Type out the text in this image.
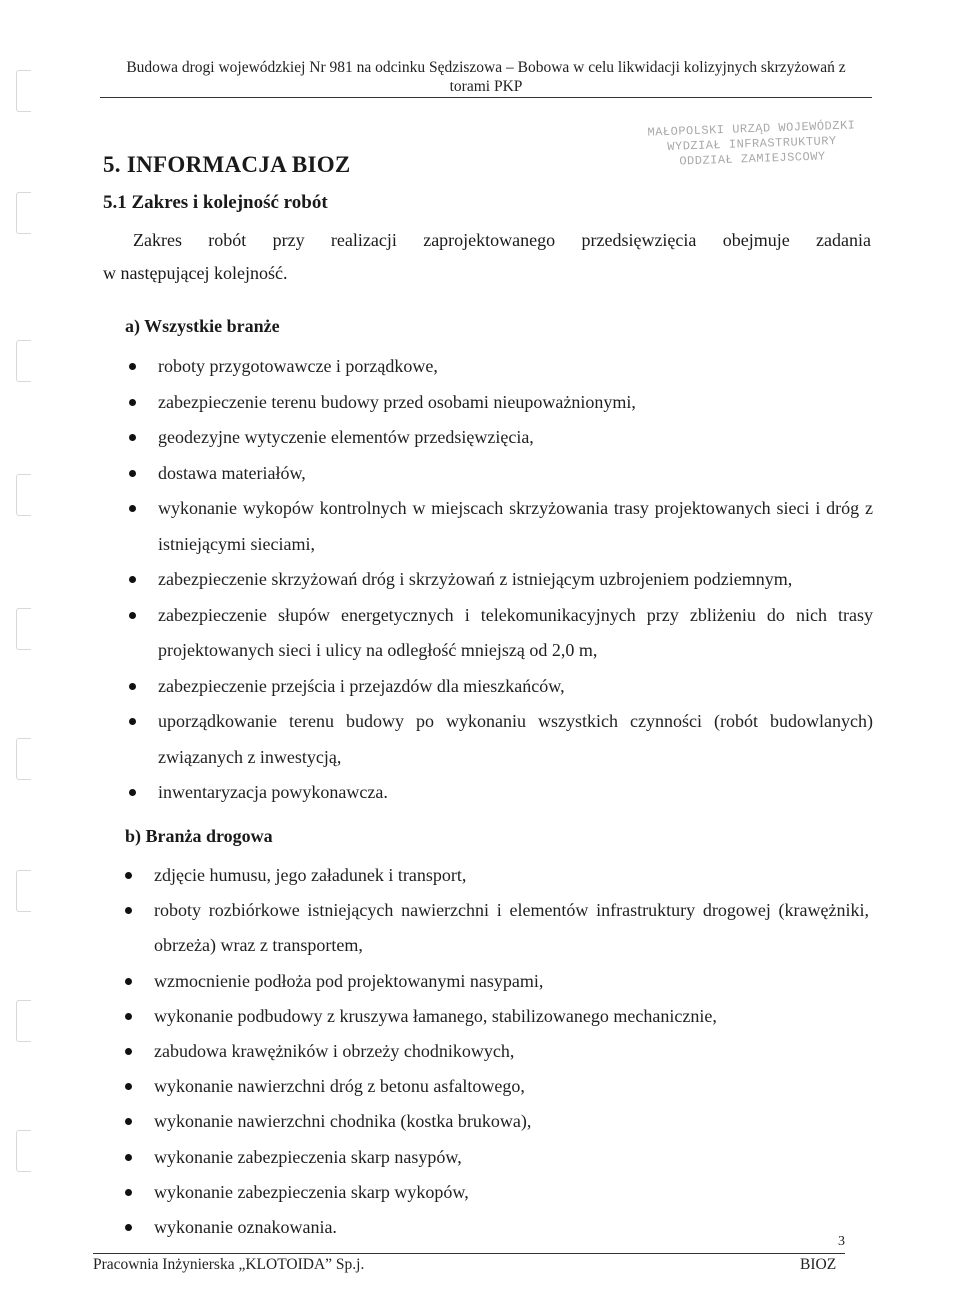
Budowa drogi wojewódzkiej Nr 981 na odcinku Sędziszowa – Bobowa w celu likwidacji kolizyjnych skrzyżowań z
torami PKP
MAŁOPOLSKI URZĄD WOJEWÓDZKI
WYDZIAŁ INFRASTRUKTURY
ODDZIAŁ ZAMIEJSCOWY
5. INFORMACJA BIOZ
5.1 Zakres i kolejność robót
Zakres robót przy realizacji zaprojektowanego przedsięwzięcia obejmuje zadania
w następującej kolejność.
a) Wszystkie branże
roboty przygotowawcze i porządkowe,
zabezpieczenie terenu budowy przed osobami nieupoważnionymi,
geodezyjne wytyczenie elementów przedsięwzięcia,
dostawa materiałów,
wykonanie wykopów kontrolnych w miejscach skrzyżowania trasy projektowanych sieci i dróg z istniejącymi sieciami,
zabezpieczenie skrzyżowań dróg i skrzyżowań z istniejącym uzbrojeniem podziemnym,
zabezpieczenie słupów energetycznych i telekomunikacyjnych przy zbliżeniu do nich trasy projektowanych sieci i ulicy na odległość mniejszą od 2,0 m,
zabezpieczenie przejścia i przejazdów dla mieszkańców,
uporządkowanie terenu budowy po wykonaniu wszystkich czynności (robót budowlanych) związanych z inwestycją,
inwentaryzacja powykonawcza.
b) Branża drogowa
zdjęcie humusu, jego załadunek i transport,
roboty rozbiórkowe istniejących nawierzchni i elementów infrastruktury drogowej (krawężniki, obrzeża) wraz z transportem,
wzmocnienie podłoża pod projektowanymi nasypami,
wykonanie podbudowy z kruszywa łamanego, stabilizowanego mechanicznie,
zabudowa krawężników i obrzeży chodnikowych,
wykonanie nawierzchni dróg z betonu asfaltowego,
wykonanie nawierzchni chodnika (kostka brukowa),
wykonanie zabezpieczenia skarp nasypów,
wykonanie zabezpieczenia skarp wykopów,
wykonanie oznakowania.
3
Pracownia Inżynierska „KLOTOIDA” Sp.j.	BIOZ
